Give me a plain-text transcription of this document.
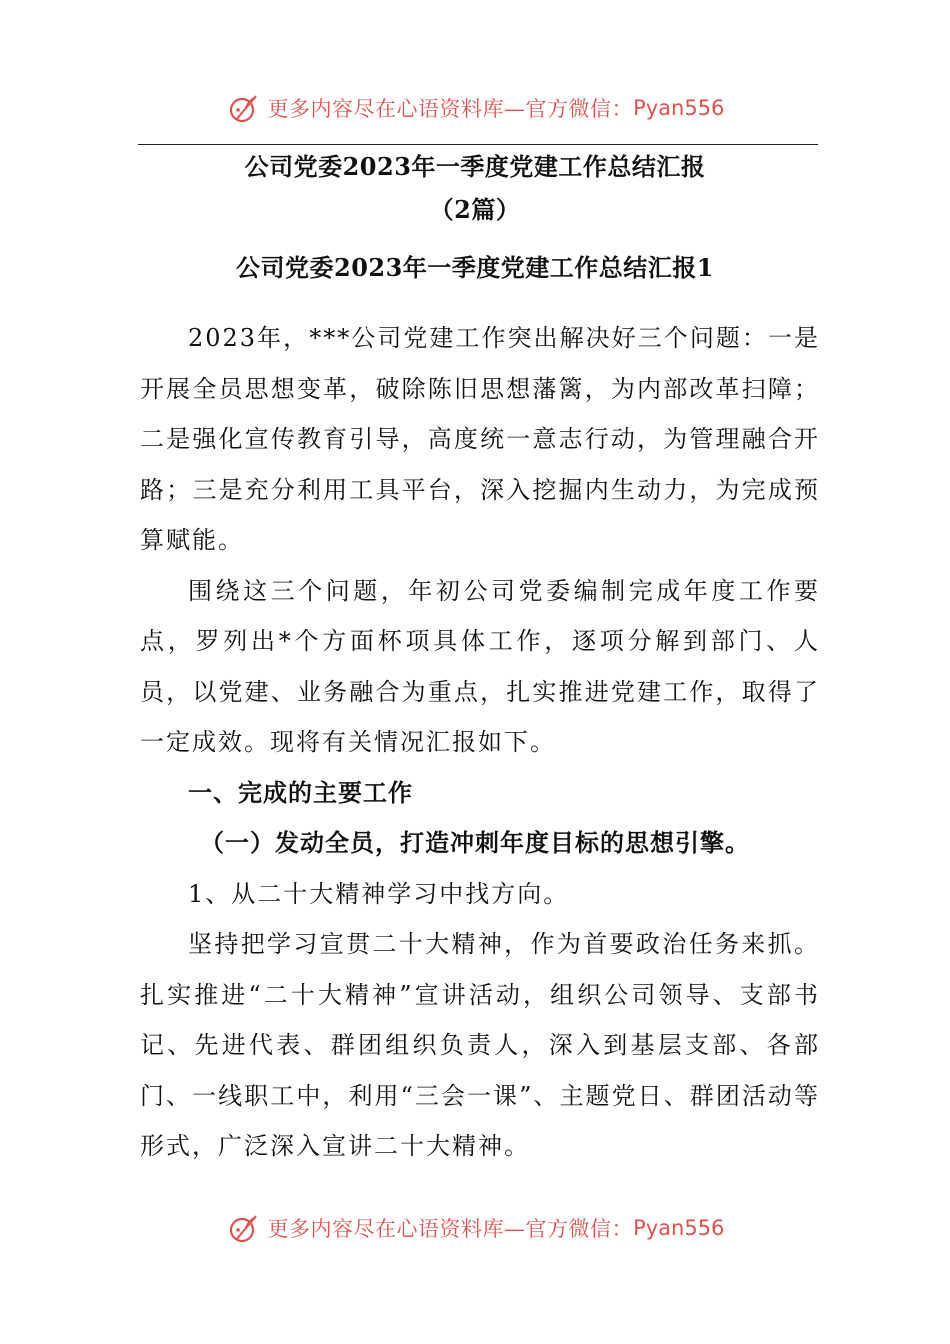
更多内容尽在心语资料库—官方微信： Pyan556
公司党委2023年一季度党建工作总结汇报
（2篇）
公司党委2023年一季度党建工作总结汇报1

2023年，***公司党建工作突出解决好三个问题：一是开展全员思想变革，破除陈旧思想藩篱，为内部改革扫障；二是强化宣传教育引导，高度统一意志行动，为管理融合开路；三是充分利用工具平台，深入挖掘内生动力，为完成预算赋能。

围绕这三个问题，年初公司党委编制完成年度工作要点，罗列出*个方面杯项具体工作，逐项分解到部门、人员，以党建、业务融合为重点，扎实推进党建工作，取得了一定成效。现将有关情况汇报如下。

一、完成的主要工作

（一）发动全员，打造冲刺年度目标的思想引擎。

1、从二十大精神学习中找方向。

坚持把学习宣贯二十大精神，作为首要政治任务来抓。扎实推进“二十大精神”宣讲活动，组织公司领导、支部书记、先进代表、群团组织负责人，深入到基层支部、各部门、一线职工中，利用“三会一课”、主题党日、群团活动等形式，广泛深入宣讲二十大精神。

更多内容尽在心语资料库—官方微信： Pyan556
